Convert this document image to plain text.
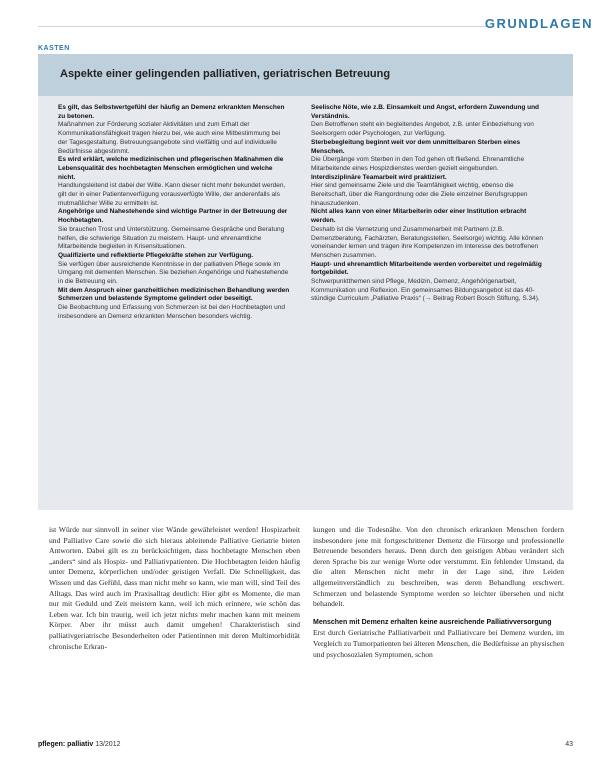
GRUNDLAGEN
KASTEN
Aspekte einer gelingenden palliativen, geriatrischen Betreuung

Es gilt, das Selbstwertgefühl der häufig an Demenz erkrankten Menschen zu betonen.

Maßnahmen zur Förderung sozialer Aktivitäten und zum Erhalt der Kommunikationsfähigkeit tragen hierzu bei, wie auch eine Mitbestimmung bei der Tagesgestaltung. Betreuungsangebote sind vielfältig und auf individuelle Bedürfnisse abgestimmt.

Es wird erklärt, welche medizinischen und pflegerischen Maßnahmen die Lebensqualität des hochbetagten Menschen ermöglichen und welche nicht.

Handlungsleitend ist dabei der Wille. Kann dieser nicht mehr bekundet werden, gilt der in einer Patientenverfügung vorausverfügte Wille, der anderenfalls als mutmaßlicher Wille zu ermitteln ist.

Angehörige und Nahestehende sind wichtige Partner in der Betreuung der Hochbetagten.

Sie brauchen Trost und Unterstützung. Gemeinsame Gespräche und Beratung helfen, die schwierige Situation zu meistern. Haupt- und ehrenamtliche Mitarbeitende begleiten in Krisensituationen.

Qualifizierte und reflektierte Pflegekräfte stehen zur Verfügung.

Sie verfügen über ausreichende Kenntnisse in der palliativen Pflege sowie im Umgang mit dementen Menschen. Sie beziehen Angehörige und Nahestehende in die Betreuung ein.

Mit dem Anspruch einer ganzheitlichen medizinischen Behandlung werden Schmerzen und belastende Symptome gelindert oder beseitigt.

Die Beobachtung und Erfassung von Schmerzen ist bei den Hochbetagten und insbesondere an Demenz erkrankten Menschen besonders wichtig.

Seelische Nöte, wie z.B. Einsamkeit und Angst, erfordern Zuwendung und Verständnis.

Den Betroffenen steht ein begleitendes Angebot, z.B. unter Einbeziehung von Seelsorgern oder Psychologen, zur Verfügung.

Sterbebegleitung beginnt weit vor dem unmittelbaren Sterben eines Menschen.

Die Übergänge vom Sterben in den Tod gehen oft fließend. Ehrenamtliche Mitarbeitende eines Hospizdienstes werden gezielt eingebunden.

Interdisziplinäre Teamarbeit wird praktiziert.

Hier sind gemeinsame Ziele und die Teamfähigkeit wichtig, ebenso die Bereitschaft, über die Rangordnung oder die Ziele einzelner Berufsgruppen hinauszudenken.

Nicht alles kann von einer Mitarbeiterin oder einer Institution erbracht werden.

Deshalb ist die Vernetzung und Zusammenarbeit mit Partnern (z.B. Demenzberatung, Fachärzten, Beratungsstellen, Seelsorge) wichtig. Alle können voneinander lernen und tragen ihre Kompetenzen im Interesse des betroffenen Menschen zusammen.

Haupt- und ehrenamtlich Mitarbeitende werden vorbereitet und regelmäßig fortgebildet.

Schwerpunktthemen sind Pflege, Medizin, Demenz, Angehörigenarbeit, Kommunikation und Reflexion. Ein gemeinsames Bildungsangebot ist das 40-stündige Curriculum „Palliative Praxis“ (→ Beitrag Robert Bosch Stiftung, S.34).

ist Würde nur sinnvoll in seiner vier Wände gewährleistet werden! Hospizarbeit und Palliative Care sowie die sich hieraus ableitende Palliative Geriatrie bieten Antworten. Dabei gilt es zu berücksichtigen, dass hochbetagte Menschen eben „anders“ sind als Hospiz- und Palliativpatienten. Die Hochbetagten leiden häufig unter Demenz, körperlichen und/oder geistigen Verfall. Die Schnelligkeit, das Wissen und das Gefühl, dass man nicht mehr so kann, wie man will, sind Teil des Alltags. Das wird auch im Praxisalltag deutlich: Hier gibt es Momente, die man nur mit Geduld und Zeit meistern kann, weil ich mich erinnere, wie schön das Leben war. Ich bin traurig, weil ich jetzt nichts mehr machen kann mit meinem Körper. Aber ihr müsst auch damit umgehen! Charakteristisch sind palliativgeriatrische Besonderheiten oder Patientinnen mit deren Multimorbidität chronische Erkran-

kungen und die Todesnähe. Von den chronisch erkrankten Menschen fordern insbesondere jene mit fortgeschrittener Demenz die Fürsorge und professionelle Betreuende besonders heraus. Denn durch den geistigen Abbau verändert sich deren Sprache bis zur wenige Worte oder verstummt. Ein fehlender Umstand, da die alten Menschen nicht mehr in der Lage sind, ihre Leiden allgemeinverständlich zu beschreiben, was deren Behandlung erschwert. Schmerzen und belastende Symptome werden so leichter übersehen und nicht behandelt.

Menschen mit Demenz erhalten keine ausreichende Palliativversorgung

Erst durch Geriatrische Palliativarbeit und Palliativcare bei Demenz wurden, im Vergleich zu Tumorpatienten bei älteren Menschen, die Bedürfnisse an physischen und psychosozialen Symptomen, schon

pflegen: palliativ 13/2012	43
